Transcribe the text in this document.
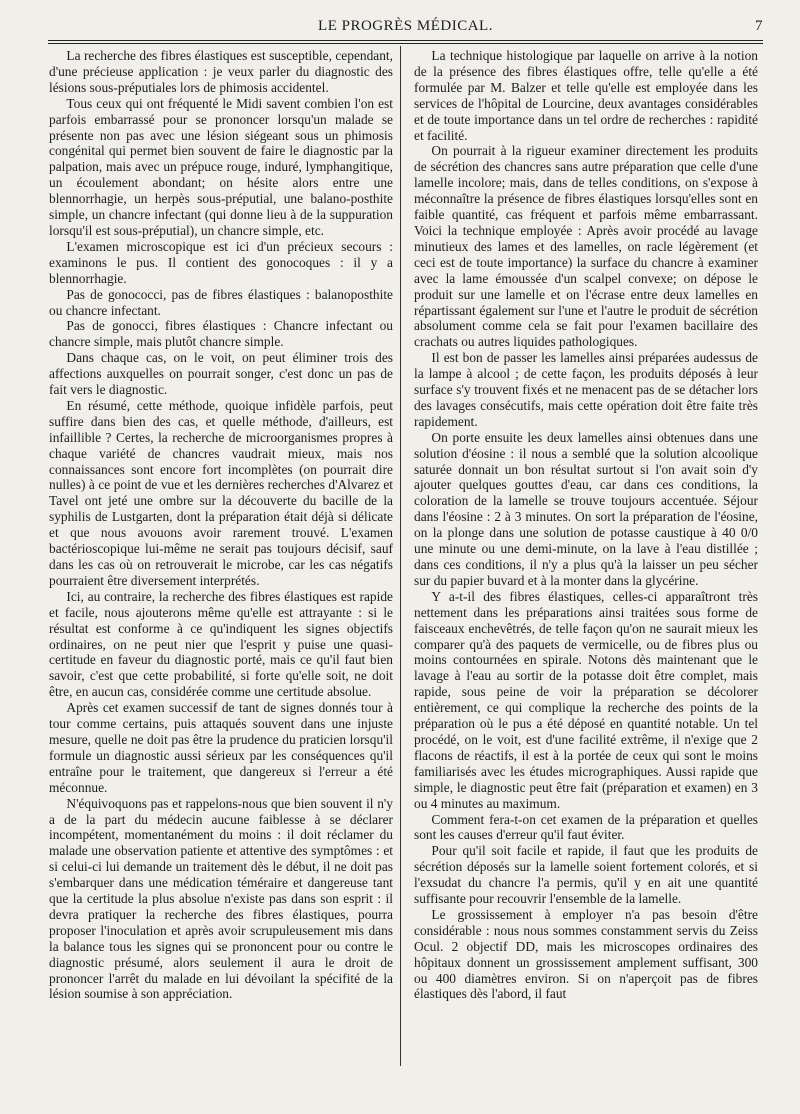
LE PROGRÈS MÉDICAL.	7

La recherche des fibres élastiques est susceptible, cependant, d'une précieuse application : je veux parler du diagnostic des lésions sous-préputiales lors de phimosis accidentel.

Tous ceux qui ont fréquenté le Midi savent combien l'on est parfois embarrassé pour se prononcer lorsqu'un malade se présente non pas avec une lésion siégeant sous un phimosis congénital qui permet bien souvent de faire le diagnostic par la palpation, mais avec un prépuce rouge, induré, lymphangitique, un écoulement abondant; on hésite alors entre une blennorrhagie, un herpès sous-préputial, une balano-posthite simple, un chancre infectant (qui donne lieu à de la suppuration lorsqu'il est sous-préputial), un chancre simple, etc.

L'examen microscopique est ici d'un précieux secours : examinons le pus. Il contient des gonocoques : il y a blennorrhagie.

Pas de gonococci, pas de fibres élastiques : balanoposthite ou chancre infectant.

Pas de gonocci, fibres élastiques : Chancre infectant ou chancre simple, mais plutôt chancre simple.

Dans chaque cas, on le voit, on peut éliminer trois des affections auxquelles on pourrait songer, c'est donc un pas de fait vers le diagnostic.

En résumé, cette méthode, quoique infidèle parfois, peut suffire dans bien des cas, et quelle méthode, d'ailleurs, est infaillible ? Certes, la recherche de microorganismes propres à chaque variété de chancres vaudrait mieux, mais nos connaissances sont encore fort incomplètes (on pourrait dire nulles) à ce point de vue et les dernières recherches d'Alvarez et Tavel ont jeté une ombre sur la découverte du bacille de la syphilis de Lustgarten, dont la préparation était déjà si délicate et que nous avouons avoir rarement trouvé. L'examen bactérioscopique lui-même ne serait pas toujours décisif, sauf dans les cas où on retrouverait le microbe, car les cas négatifs pourraient être diversement interprétés.

Ici, au contraire, la recherche des fibres élastiques est rapide et facile, nous ajouterons même qu'elle est attrayante : si le résultat est conforme à ce qu'indiquent les signes objectifs ordinaires, on ne peut nier que l'esprit y puise une quasi-certitude en faveur du diagnostic porté, mais ce qu'il faut bien savoir, c'est que cette probabilité, si forte qu'elle soit, ne doit être, en aucun cas, considérée comme une certitude absolue.

Après cet examen successif de tant de signes donnés tour à tour comme certains, puis attaqués souvent dans une injuste mesure, quelle ne doit pas être la prudence du praticien lorsqu'il formule un diagnostic aussi sérieux par les conséquences qu'il entraîne pour le traitement, que dangereux si l'erreur a été méconnue.

N'équivoquons pas et rappelons-nous que bien souvent il n'y a de la part du médecin aucune faiblesse à se déclarer incompétent, momentanément du moins : il doit réclamer du malade une observation patiente et attentive des symptômes : et si celui-ci lui demande un traitement dès le début, il ne doit pas s'embarquer dans une médication téméraire et dangereuse tant que la certitude la plus absolue n'existe pas dans son esprit : il devra pratiquer la recherche des fibres élastiques, pourra proposer l'inoculation et après avoir scrupuleusement mis dans la balance tous les signes qui se prononcent pour ou contre le diagnostic présumé, alors seulement il aura le droit de prononcer l'arrêt du malade en lui dévoilant la spécifité de la lésion soumise à son appréciation.

La technique histologique par laquelle on arrive à la notion de la présence des fibres élastiques offre, telle qu'elle a été formulée par M. Balzer et telle qu'elle est employée dans les services de l'hôpital de Lourcine, deux avantages considérables et de toute importance dans un tel ordre de recherches : rapidité et facilité.

On pourrait à la rigueur examiner directement les produits de sécrétion des chancres sans autre préparation que celle d'une lamelle incolore; mais, dans de telles conditions, on s'expose à méconnaître la présence de fibres élastiques lorsqu'elles sont en faible quantité, cas fréquent et parfois même embarrassant. Voici la technique employée : Après avoir procédé au lavage minutieux des lames et des lamelles, on racle légèrement (et ceci est de toute importance) la surface du chancre à examiner avec la lame émoussée d'un scalpel convexe; on dépose le produit sur une lamelle et on l'écrase entre deux lamelles en répartissant également sur l'une et l'autre le produit de sécrétion absolument comme cela se fait pour l'examen bacillaire des crachats ou autres liquides pathologiques.

Il est bon de passer les lamelles ainsi préparées audessus de la lampe à alcool ; de cette façon, les produits déposés à leur surface s'y trouvent fixés et ne menacent pas de se détacher lors des lavages consécutifs, mais cette opération doit être faite très rapidement.

On porte ensuite les deux lamelles ainsi obtenues dans une solution d'éosine : il nous a semblé que la solution alcoolique saturée donnait un bon résultat surtout si l'on avait soin d'y ajouter quelques gouttes d'eau, car dans ces conditions, la coloration de la lamelle se trouve toujours accentuée. Séjour dans l'éosine : 2 à 3 minutes. On sort la préparation de l'éosine, on la plonge dans une solution de potasse caustique à 40 0/0 une minute ou une demi-minute, on la lave à l'eau distillée ; dans ces conditions, il n'y a plus qu'à la laisser un peu sécher sur du papier buvard et à la monter dans la glycérine.

Y a-t-il des fibres élastiques, celles-ci apparaîtront très nettement dans les préparations ainsi traitées sous forme de faisceaux enchevêtrés, de telle façon qu'on ne saurait mieux les comparer qu'à des paquets de vermicelle, ou de fibres plus ou moins contournées en spirale. Notons dès maintenant que le lavage à l'eau au sortir de la potasse doit être complet, mais rapide, sous peine de voir la préparation se décolorer entièrement, ce qui complique la recherche des points de la préparation où le pus a été déposé en quantité notable. Un tel procédé, on le voit, est d'une facilité extrême, il n'exige que 2 flacons de réactifs, il est à la portée de ceux qui sont le moins familiarisés avec les études micrographiques. Aussi rapide que simple, le diagnostic peut être fait (préparation et examen) en 3 ou 4 minutes au maximum.

Comment fera-t-on cet examen de la préparation et quelles sont les causes d'erreur qu'il faut éviter.

Pour qu'il soit facile et rapide, il faut que les produits de sécrétion déposés sur la lamelle soient fortement colorés, et si l'exsudat du chancre l'a permis, qu'il y en ait une quantité suffisante pour recouvrir l'ensemble de la lamelle.

Le grossissement à employer n'a pas besoin d'être considérable : nous nous sommes constamment servis du Zeiss Ocul. 2 objectif DD, mais les microscopes ordinaires des hôpitaux donnent un grossissement amplement suffisant, 300 ou 400 diamètres environ. Si on n'aperçoit pas de fibres élastiques dès l'abord, il faut
